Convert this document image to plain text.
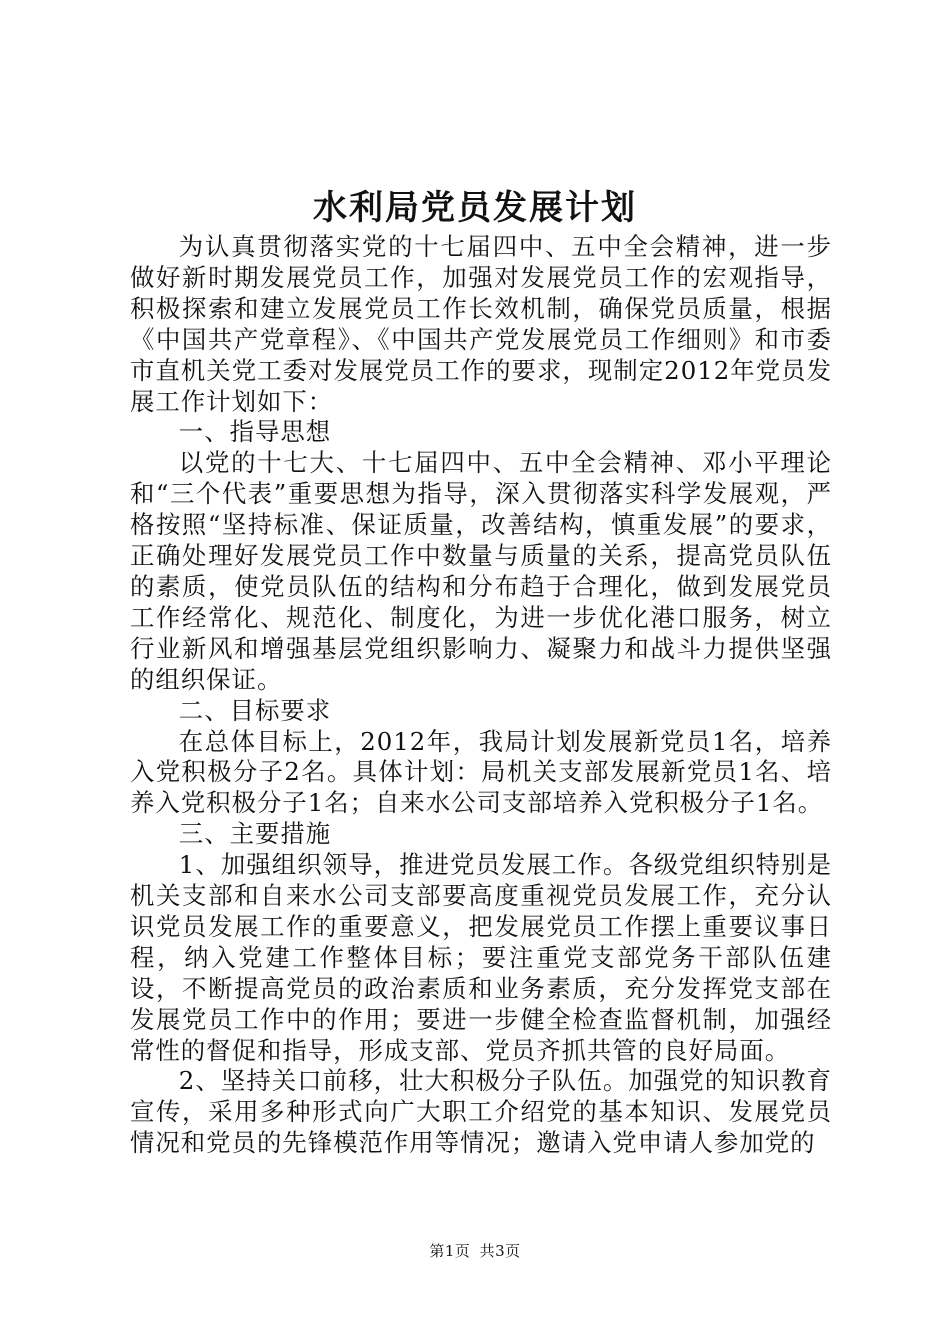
水利局党员发展计划

为认真贯彻落实党的十七届四中、五中全会精神，进一步做好新时期发展党员工作，加强对发展党员工作的宏观指导，积极探索和建立发展党员工作长效机制，确保党员质量，根据《中国共产党章程》、《中国共产党发展党员工作细则》和市委市直机关党工委对发展党员工作的要求，现制定2012年党员发展工作计划如下：

一、指导思想

以党的十七大、十七届四中、五中全会精神、邓小平理论和“三个代表”重要思想为指导，深入贯彻落实科学发展观，严格按照“坚持标准、保证质量，改善结构，慎重发展”的要求，正确处理好发展党员工作中数量与质量的关系，提高党员队伍的素质，使党员队伍的结构和分布趋于合理化，做到发展党员工作经常化、规范化、制度化，为进一步优化港口服务，树立行业新风和增强基层党组织影响力、凝聚力和战斗力提供坚强的组织保证。

二、目标要求

在总体目标上，2012年，我局计划发展新党员1名，培养入党积极分子2名。具体计划：局机关支部发展新党员1名、培养入党积极分子1名；自来水公司支部培养入党积极分子1名。

三、主要措施

1、加强组织领导，推进党员发展工作。各级党组织特别是机关支部和自来水公司支部要高度重视党员发展工作，充分认识党员发展工作的重要意义，把发展党员工作摆上重要议事日程，纳入党建工作整体目标；要注重党支部党务干部队伍建设，不断提高党员的政治素质和业务素质，充分发挥党支部在发展党员工作中的作用；要进一步健全检查监督机制，加强经常性的督促和指导，形成支部、党员齐抓共管的良好局面。

2、坚持关口前移，壮大积极分子队伍。加强党的知识教育宣传，采用多种形式向广大职工介绍党的基本知识、发展党员情况和党员的先锋模范作用等情况；邀请入党申请人参加党的

第1页 共3页
